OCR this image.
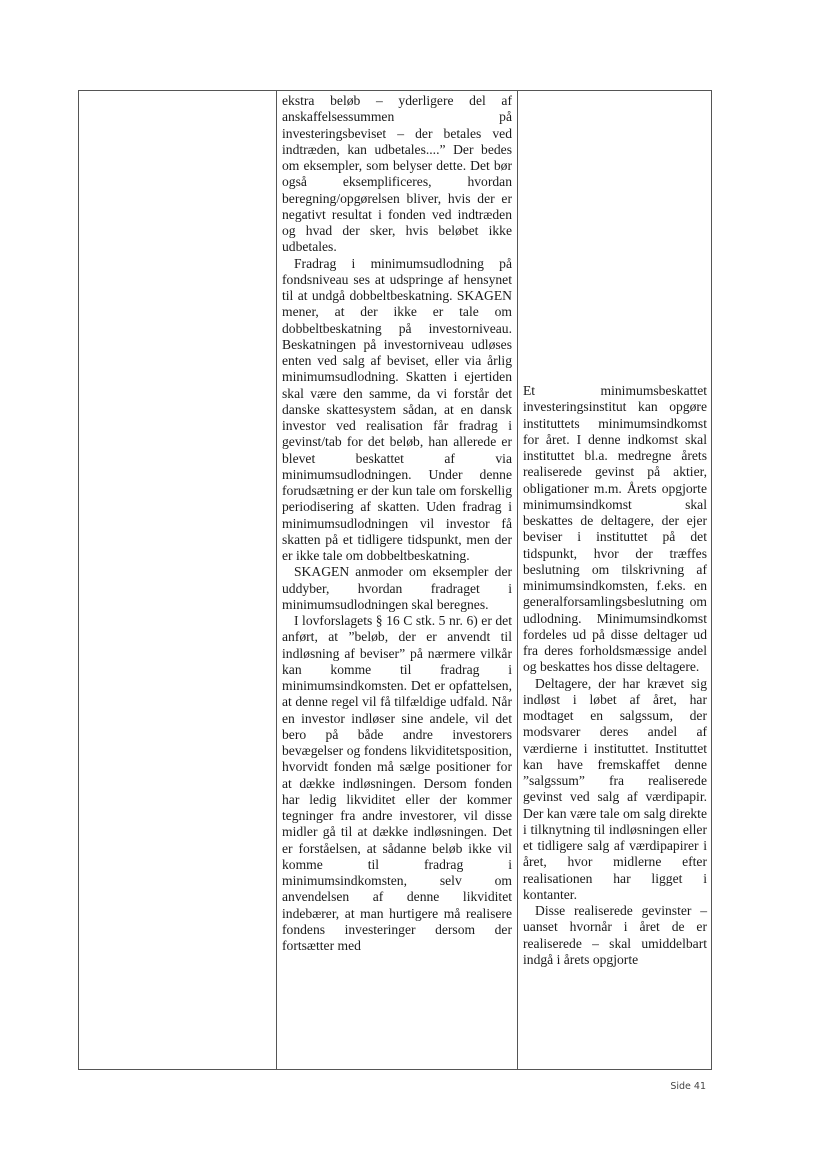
ekstra beløb – yderligere del af anskaffelsessummen på investeringsbeviset – der betales ved indtræden, kan udbetales....” Der bedes om eksempler, som belyser dette. Det bør også eksemplificeres, hvordan beregning/opgørelsen bliver, hvis der er negativt resultat i fonden ved indtræden og hvad der sker, hvis beløbet ikke udbetales.

Fradrag i minimumsudlodning på fondsniveau ses at udspringe af hensynet til at undgå dobbeltbeskatning. SKAGEN mener, at der ikke er tale om dobbeltbeskatning på investorniveau. Beskatningen på investorniveau udløses enten ved salg af beviset, eller via årlig minimumsudlodning. Skatten i ejertiden skal være den samme, da vi forstår det danske skattesystem sådan, at en dansk investor ved realisation får fradrag i gevinst/tab for det beløb, han allerede er blevet beskattet af via minimumsudlodningen. Under denne forudsætning er der kun tale om forskellig periodisering af skatten. Uden fradrag i minimumsudlodningen vil investor få skatten på et tidligere tidspunkt, men der er ikke tale om dobbeltbeskatning.

SKAGEN anmoder om eksempler der uddyber, hvordan fradraget i minimumsudlodningen skal beregnes.

I lovforslagets § 16 C stk. 5 nr. 6) er det anført, at ”beløb, der er anvendt til indløsning af beviser” på nærmere vilkår kan komme til fradrag i minimumsindkomsten. Det er opfattelsen, at denne regel vil få tilfældige udfald. Når en investor indløser sine andele, vil det bero på både andre investorers bevægelser og fondens likviditetsposition, hvorvidt fonden må sælge positioner for at dække indløsningen. Dersom fonden har ledig likviditet eller der kommer tegninger fra andre investorer, vil disse midler gå til at dække indløsningen. Det er forståelsen, at sådanne beløb ikke vil komme til fradrag i minimumsindkomsten, selv om anvendelsen af denne likviditet indebærer, at man hurtigere må realisere fondens investeringer dersom der fortsætter med

Et minimumsbeskattet investeringsinstitut kan opgøre instituttets minimumsindkomst for året. I denne indkomst skal instituttet bl.a. medregne årets realiserede gevinst på aktier, obligationer m.m. Årets opgjorte minimumsindkomst skal beskattes de deltagere, der ejer beviser i instituttet på det tidspunkt, hvor der træffes beslutning om tilskrivning af minimumsindkomsten, f.eks. en generalforsamlingsbeslutning om udlodning. Minimumsindkomst fordeles ud på disse deltager ud fra deres forholdsmæssige andel og beskattes hos disse deltagere.

Deltagere, der har krævet sig indløst i løbet af året, har modtaget en salgssum, der modsvarer deres andel af værdierne i instituttet. Instituttet kan have fremskaffet denne ”salgssum” fra realiserede gevinst ved salg af værdipapir. Der kan være tale om salg direkte i tilknytning til indløsningen eller et tidligere salg af værdipapirer i året, hvor midlerne efter realisationen har ligget i kontanter.

Disse realiserede gevinster – uanset hvornår i året de er realiserede – skal umiddelbart indgå i årets opgjorte

Side 41
